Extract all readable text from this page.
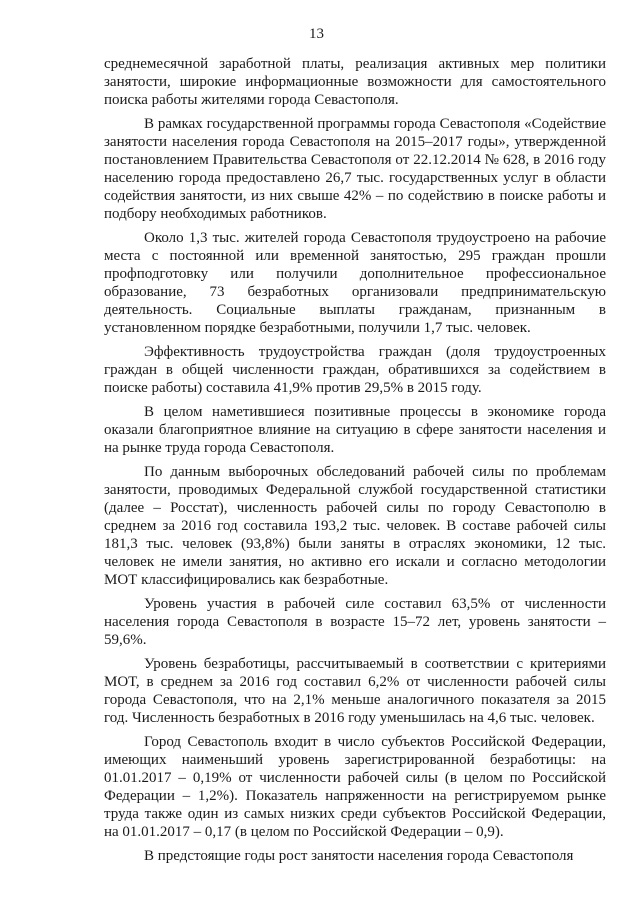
13

среднемесячной заработной платы, реализация активных мер политики занятости, широкие информационные возможности для самостоятельного поиска работы жителями города Севастополя.

В рамках государственной программы города Севастополя «Содействие занятости населения города Севастополя на 2015–2017 годы», утвержденной постановлением Правительства Севастополя от 22.12.2014 № 628, в 2016 году населению города предоставлено 26,7 тыс. государственных услуг в области содействия занятости, из них свыше 42% – по содействию в поиске работы и подбору необходимых работников.

Около 1,3 тыс. жителей города Севастополя трудоустроено на рабочие места с постоянной или временной занятостью, 295 граждан прошли профподготовку или получили дополнительное профессиональное образование, 73 безработных организовали предпринимательскую деятельность. Социальные выплаты гражданам, признанным в установленном порядке безработными, получили 1,7 тыс. человек.

Эффективность трудоустройства граждан (доля трудоустроенных граждан в общей численности граждан, обратившихся за содействием в поиске работы) составила 41,9% против 29,5% в 2015 году.

В целом наметившиеся позитивные процессы в экономике города оказали благоприятное влияние на ситуацию в сфере занятости населения и на рынке труда города Севастополя.

По данным выборочных обследований рабочей силы по проблемам занятости, проводимых Федеральной службой государственной статистики (далее – Росстат), численность рабочей силы по городу Севастополю в среднем за 2016 год составила 193,2 тыс. человек. В составе рабочей силы 181,3 тыс. человек (93,8%) были заняты в отраслях экономики, 12 тыс. человек не имели занятия, но активно его искали и согласно методологии МОТ классифицировались как безработные.

Уровень участия в рабочей силе составил 63,5% от численности населения города Севастополя в возрасте 15–72 лет, уровень занятости – 59,6%.

Уровень безработицы, рассчитываемый в соответствии с критериями МОТ, в среднем за 2016 год составил 6,2% от численности рабочей силы города Севастополя, что на 2,1% меньше аналогичного показателя за 2015 год. Численность безработных в 2016 году уменьшилась на 4,6 тыс. человек.

Город Севастополь входит в число субъектов Российской Федерации, имеющих наименьший уровень зарегистрированной безработицы: на 01.01.2017 – 0,19% от численности рабочей силы (в целом по Российской Федерации – 1,2%). Показатель напряженности на регистрируемом рынке труда также один из самых низких среди субъектов Российской Федерации, на 01.01.2017 – 0,17 (в целом по Российской Федерации – 0,9).

В предстоящие годы рост занятости населения города Севастополя
